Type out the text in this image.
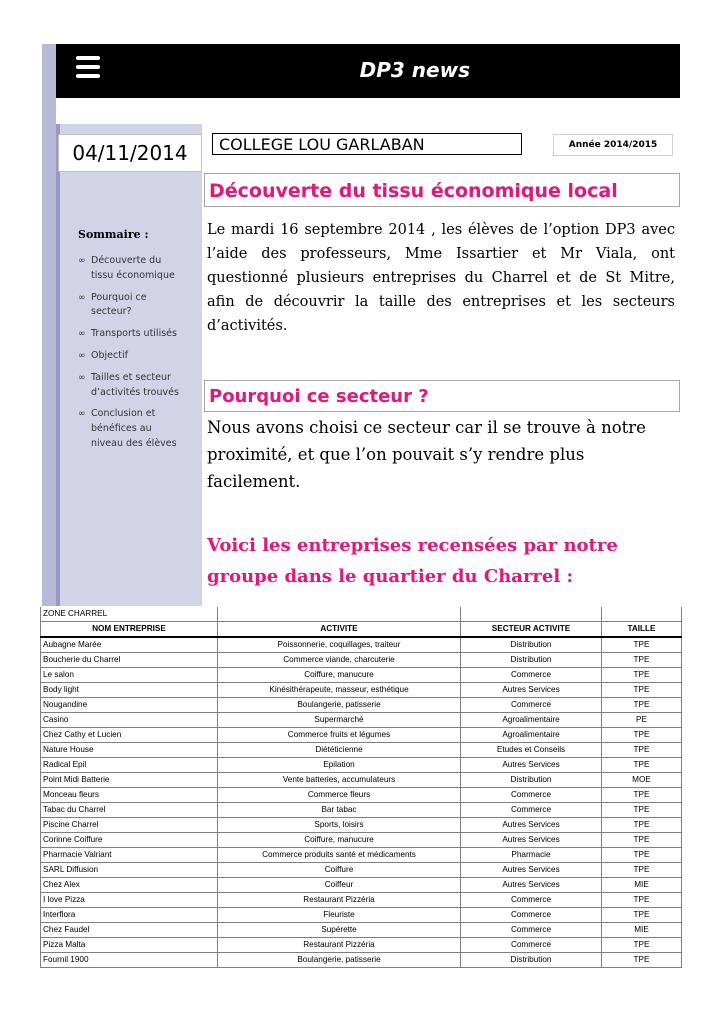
DP3 news
04/11/2014	COLLEGE LOU GARLABAN	Année 2014/2015
Découverte du tissu économique local

Le mardi 16 septembre 2014 , les élèves de l’option DP3 avec l’aide des professeurs, Mme Issartier et Mr Viala, ont questionné plusieurs entreprises du Charrel et de St Mitre, afin de découvrir la taille des entreprises et les secteurs d’activités.

Pourquoi ce secteur ?

Nous avons choisi ce secteur car il se trouve à notre proximité, et que l’on pouvait s’y rendre plus facilement.

Voici les entreprises recensées par notre groupe dans le quartier du Charrel :

Sommaire :
∞ Découverte du tissu économique
∞ Pourquoi ce secteur?
∞ Transports utilisés
∞ Objectif
∞ Tailles et secteur d’activités trouvés
∞ Conclusion et bénéfices au niveau des élèves
ZONE CHARREL			
NOM ENTREPRISE	ACTIVITE	SECTEUR ACTIVITE	TAILLE
Aubagne Marée	Poissonnerie, coquillages, traiteur	Distribution	TPE
Boucherie du Charrel	Commerce viande, charcuterie	Distribution	TPE
Le salon	Coiffure, manucure	Commerce	TPE
Body light	Kinésithérapeute, masseur, esthétique	Autres Services	TPE
Nougandine	Boulangerie, patisserie	Commerce	TPE
Casino	Supermarché	Agroalimentaire	PE
Chez Cathy et Lucien	Commerce fruits et légumes	Agroalimentaire	TPE
Nature House	Diététicienne	Etudes et Conseils	TPE
Radical Epil	Epilation	Autres Services	TPE
Point Midi Batterie	Vente batteries, accumulateurs	Distribution	MOE
Monceau fleurs	Commerce fleurs	Commerce	TPE
Tabac du Charrel	Bar tabac	Commerce	TPE
Piscine Charrel	Sports, loisirs	Autres Services	TPE
Corinne Coiffure	Coiffure, manucure	Autres Services	TPE
Pharmacie Valriant	Commerce produits santé et médicaments	Pharmacie	TPE
SARL Diffusion	Coiffure	Autres Services	TPE
Chez Alex	Coiffeur	Autres Services	MIE
I love Pizza	Restaurant Pizzéria	Commerce	TPE
Interflora	Fleuriste	Commerce	TPE
Chez Faudel	Supérette	Commerce	MIE
Pizza Malta	Restaurant Pizzéria	Commerce	TPE
Fournil 1900	Boulangerie, patisserie	Distribution	TPE
